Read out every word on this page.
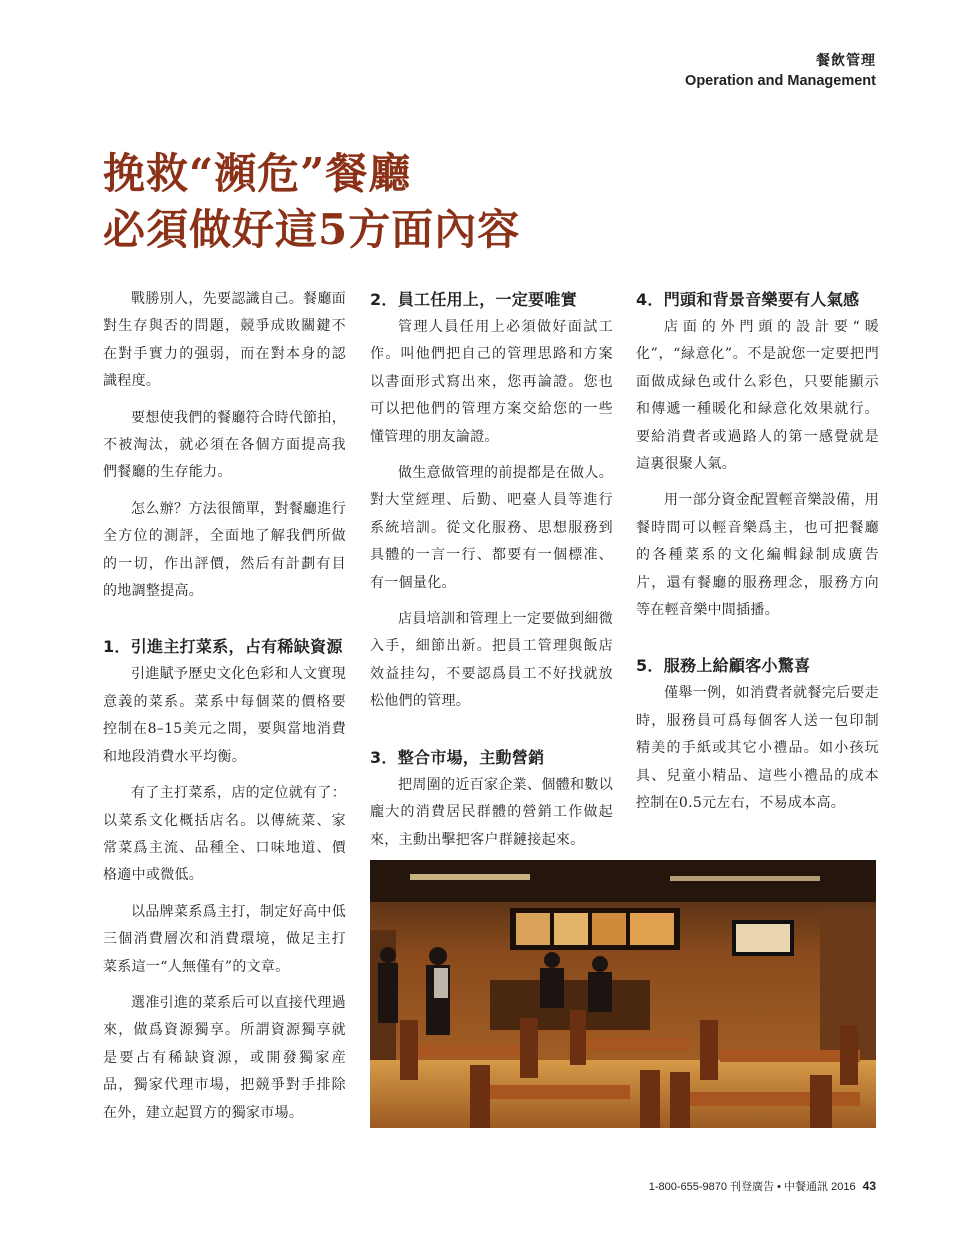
餐飲管理
Operation and Management
挽救“瀕危”餐廳
必須做好這5方面內容

戰勝別人，先要認識自己。餐廳面對生存與否的問題，競爭成敗關鍵不在對手實力的强弱，而在對本身的認識程度。

要想使我們的餐廳符合時代節拍，不被淘汰，就必須在各個方面提高我們餐廳的生存能力。

怎么辦？方法很簡單，對餐廳進行全方位的測評，全面地了解我們所做的一切，作出評價，然后有計劃有目的地調整提高。

1．引進主打菜系，占有稀缺資源

引進賦予歷史文化色彩和人文實現意義的菜系。菜系中每個菜的價格要控制在8–15美元之間，要與當地消費和地段消費水平均衡。

有了主打菜系，店的定位就有了：以菜系文化概括店名。以傳統菜、家常菜爲主流、品種全、口味地道、價格適中或微低。

以品牌菜系爲主打，制定好高中低三個消費層次和消費環境，做足主打菜系這一“人無僅有”的文章。

選准引進的菜系后可以直接代理過來，做爲資源獨享。所謂資源獨享就是要占有稀缺資源，或開發獨家産品，獨家代理市場，把競爭對手排除在外，建立起買方的獨家市場。

2．員工任用上，一定要唯實

管理人員任用上必須做好面試工作。叫他們把自己的管理思路和方案以書面形式寫出來，您再論證。您也可以把他們的管理方案交給您的一些懂管理的朋友論證。

做生意做管理的前提都是在做人。對大堂經理、后勤、吧臺人員等進行系統培訓。從文化服務、思想服務到具體的一言一行、都要有一個標准、有一個量化。

店員培訓和管理上一定要做到細微入手，細節出新。把員工管理與飯店效益挂勾，不要認爲員工不好找就放松他們的管理。

3．整合市場，主動營銷

把周圍的近百家企業、個體和數以龐大的消費居民群體的營銷工作做起來，主動出擊把客户群鏈接起來。

4．門頭和背景音樂要有人氣感

店面的外門頭的設計要“暖化”，“緑意化”。不是說您一定要把門面做成緑色或什么彩色，只要能顯示和傳遞一種暖化和緑意化效果就行。要給消費者或過路人的第一感覺就是這裏很聚人氣。

用一部分資金配置輕音樂設備，用餐時間可以輕音樂爲主，也可把餐廳的各種菜系的文化編輯録制成廣告片，還有餐廳的服務理念，服務方向等在輕音樂中間插播。

5．服務上給顧客小驚喜

僅舉一例，如消費者就餐完后要走時，服務員可爲每個客人送一包印制精美的手紙或其它小禮品。如小孩玩具、兒童小精品、這些小禮品的成本控制在0.5元左右，不易成本高。

1-800-655-9870 刊登廣告 • 中餐通訊 2016 43
